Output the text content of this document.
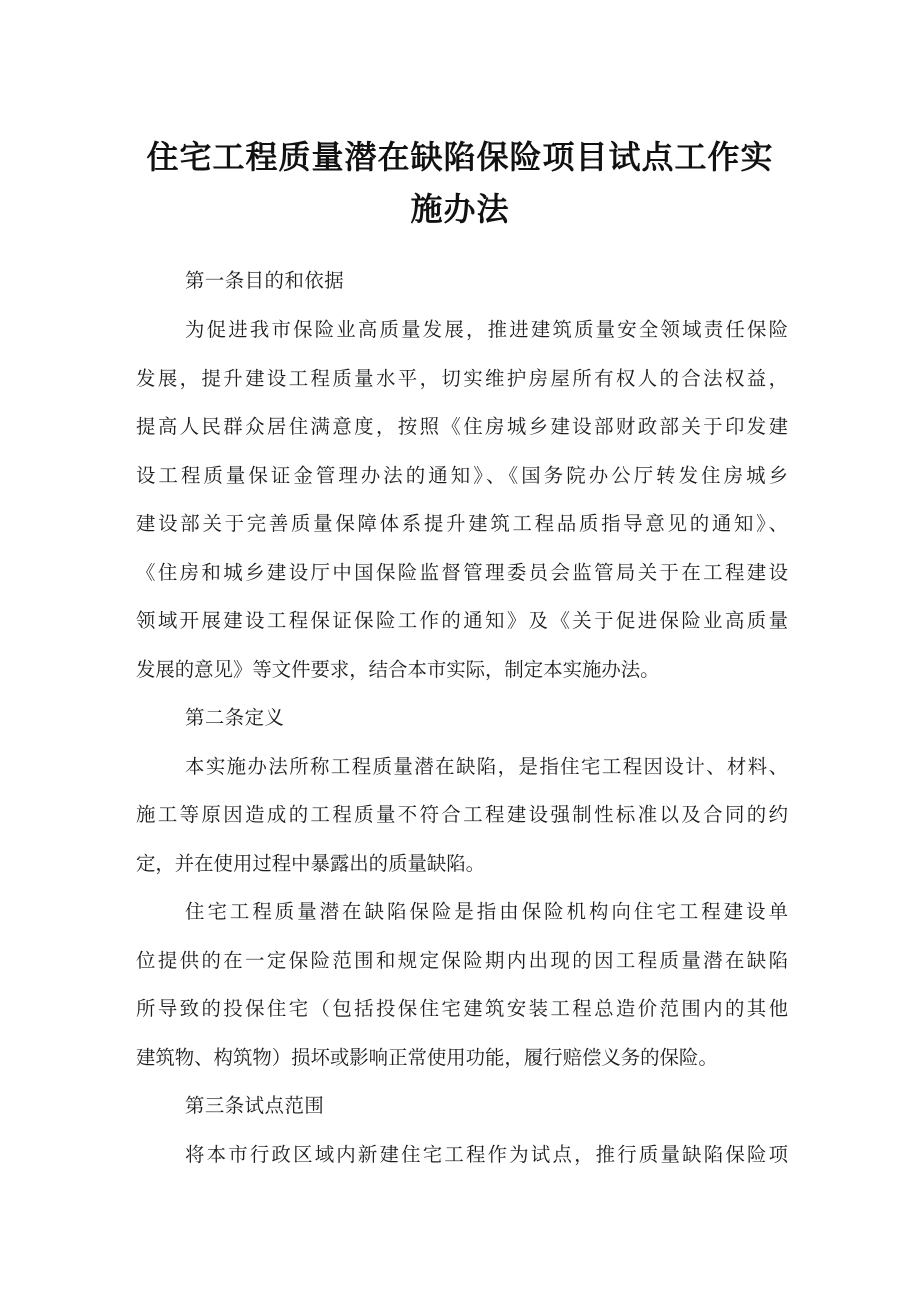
住宅工程质量潜在缺陷保险项目试点工作实
施办法
第一条目的和依据
为促进我市保险业高质量发展，推进建筑质量安全领域责任保险
发展，提升建设工程质量水平，切实维护房屋所有权人的合法权益，
提高人民群众居住满意度，按照《住房城乡建设部财政部关于印发建
设工程质量保证金管理办法的通知》、《国务院办公厅转发住房城乡
建设部关于完善质量保障体系提升建筑工程品质指导意见的通知》、
《住房和城乡建设厅中国保险监督管理委员会监管局关于在工程建设
领域开展建设工程保证保险工作的通知》及《关于促进保险业高质量
发展的意见》等文件要求，结合本市实际，制定本实施办法。
第二条定义
本实施办法所称工程质量潜在缺陷，是指住宅工程因设计、材料、
施工等原因造成的工程质量不符合工程建设强制性标准以及合同的约
定，并在使用过程中暴露出的质量缺陷。
住宅工程质量潜在缺陷保险是指由保险机构向住宅工程建设单
位提供的在一定保险范围和规定保险期内出现的因工程质量潜在缺陷
所导致的投保住宅（包括投保住宅建筑安装工程总造价范围内的其他
建筑物、构筑物）损坏或影响正常使用功能，履行赔偿义务的保险。
第三条试点范围
将本市行政区域内新建住宅工程作为试点，推行质量缺陷保险项
